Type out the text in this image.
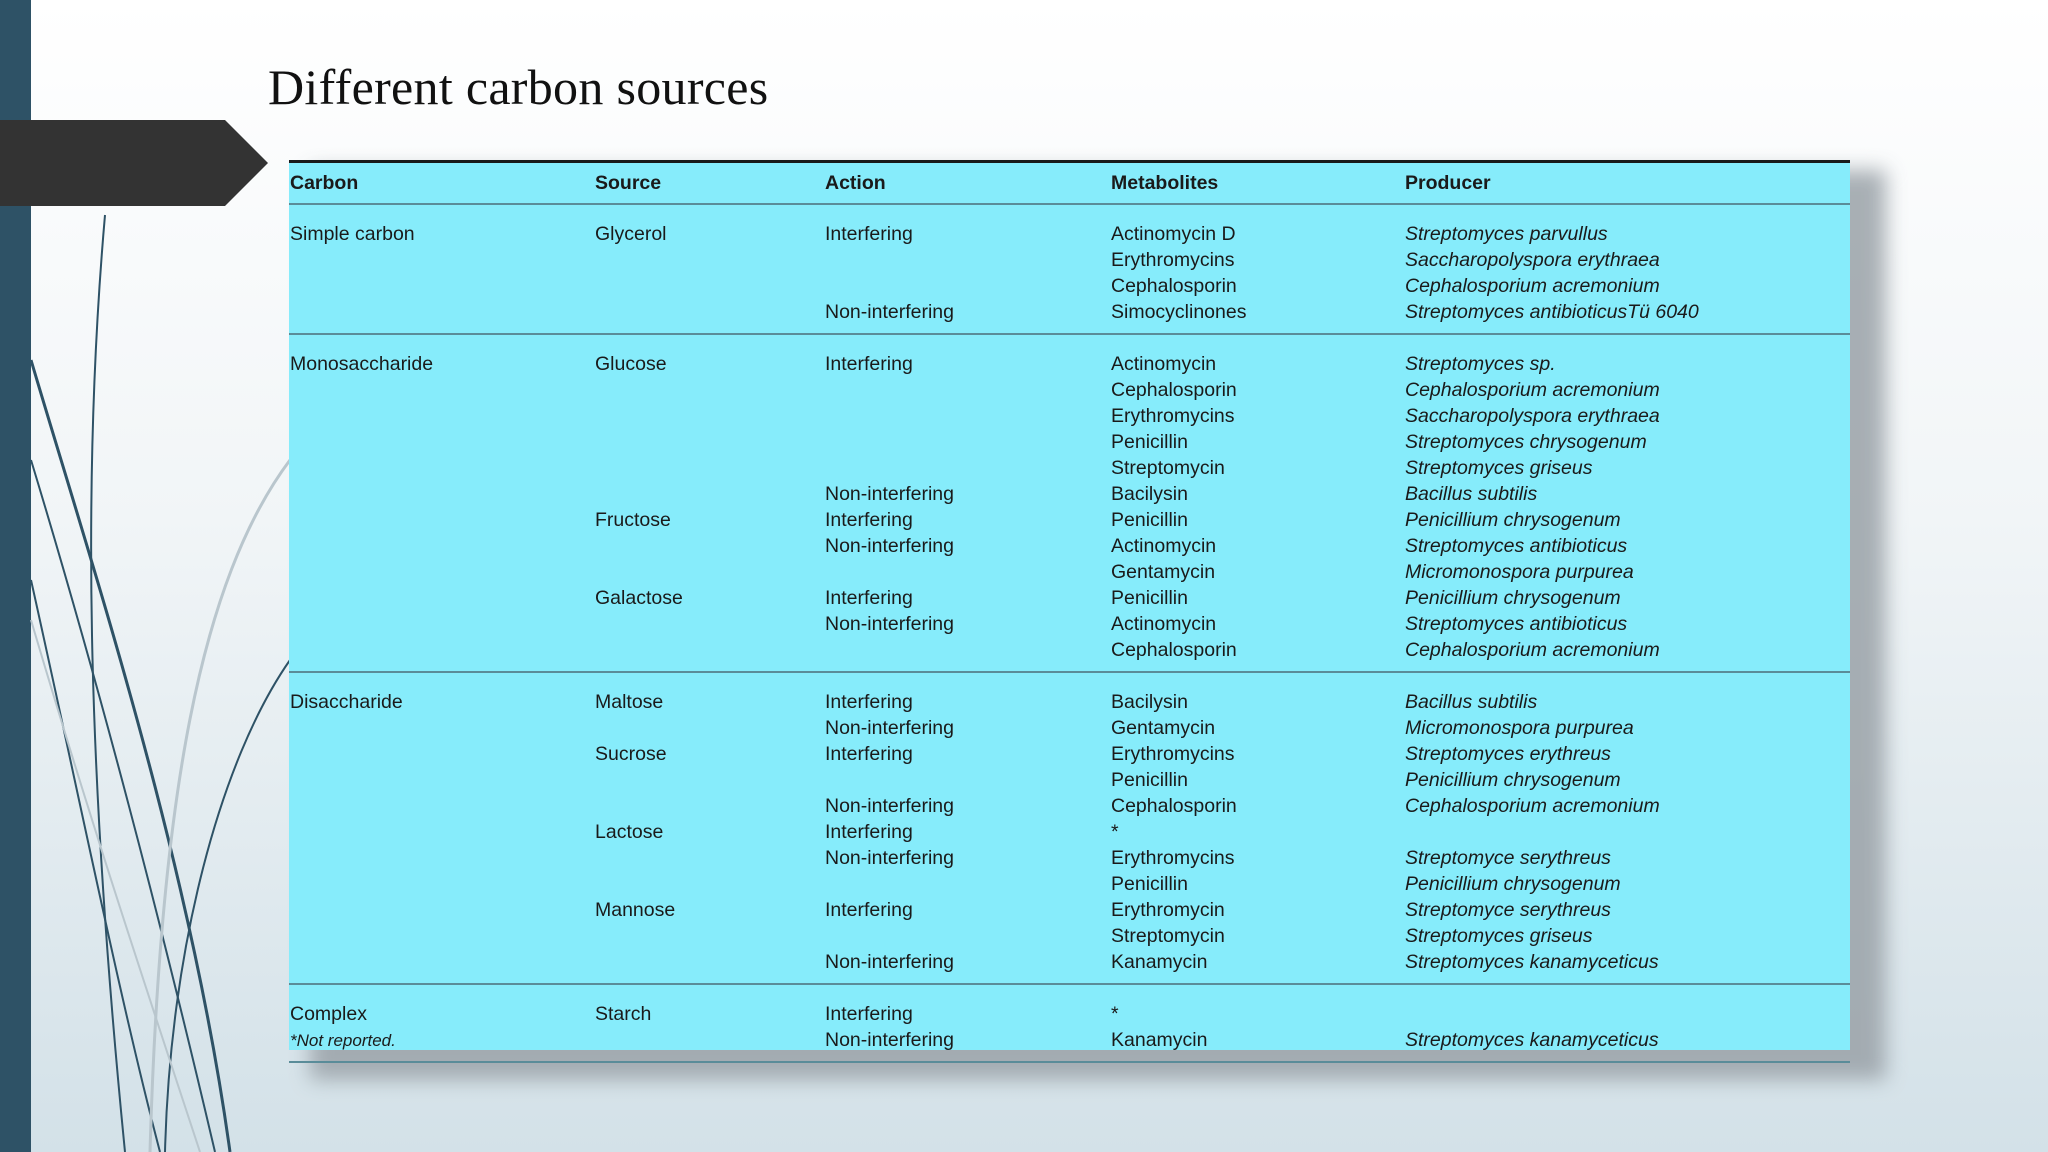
Different carbon sources
Carbon	Source	Action	Metabolites	Producer
Simple carbon	Glycerol	Interfering	Actinomycin D	Streptomyces parvullus
			Erythromycins	Saccharopolyspora erythraea
			Cephalosporin	Cephalosporium acremonium
		Non-interfering	Simocyclinones	Streptomyces antibioticusTü 6040
Monosaccharide	Glucose	Interfering	Actinomycin	Streptomyces sp.
			Cephalosporin	Cephalosporium acremonium
			Erythromycins	Saccharopolyspora erythraea
			Penicillin	Streptomyces chrysogenum
			Streptomycin	Streptomyces griseus
		Non-interfering	Bacilysin	Bacillus subtilis
	Fructose	Interfering	Penicillin	Penicillium chrysogenum
		Non-interfering	Actinomycin	Streptomyces antibioticus
			Gentamycin	Micromonospora purpurea
	Galactose	Interfering	Penicillin	Penicillium chrysogenum
		Non-interfering	Actinomycin	Streptomyces antibioticus
			Cephalosporin	Cephalosporium acremonium
Disaccharide	Maltose	Interfering	Bacilysin	Bacillus subtilis
		Non-interfering	Gentamycin	Micromonospora purpurea
	Sucrose	Interfering	Erythromycins	Streptomyces erythreus
			Penicillin	Penicillium chrysogenum
		Non-interfering	Cephalosporin	Cephalosporium acremonium
	Lactose	Interfering	*	
		Non-interfering	Erythromycins	Streptomyce serythreus
			Penicillin	Penicillium chrysogenum
	Mannose	Interfering	Erythromycin	Streptomyce serythreus
			Streptomycin	Streptomyces griseus
		Non-interfering	Kanamycin	Streptomyces kanamyceticus
Complex	Starch	Interfering	*	
		Non-interfering	Kanamycin	Streptomyces kanamyceticus
*Not reported.
